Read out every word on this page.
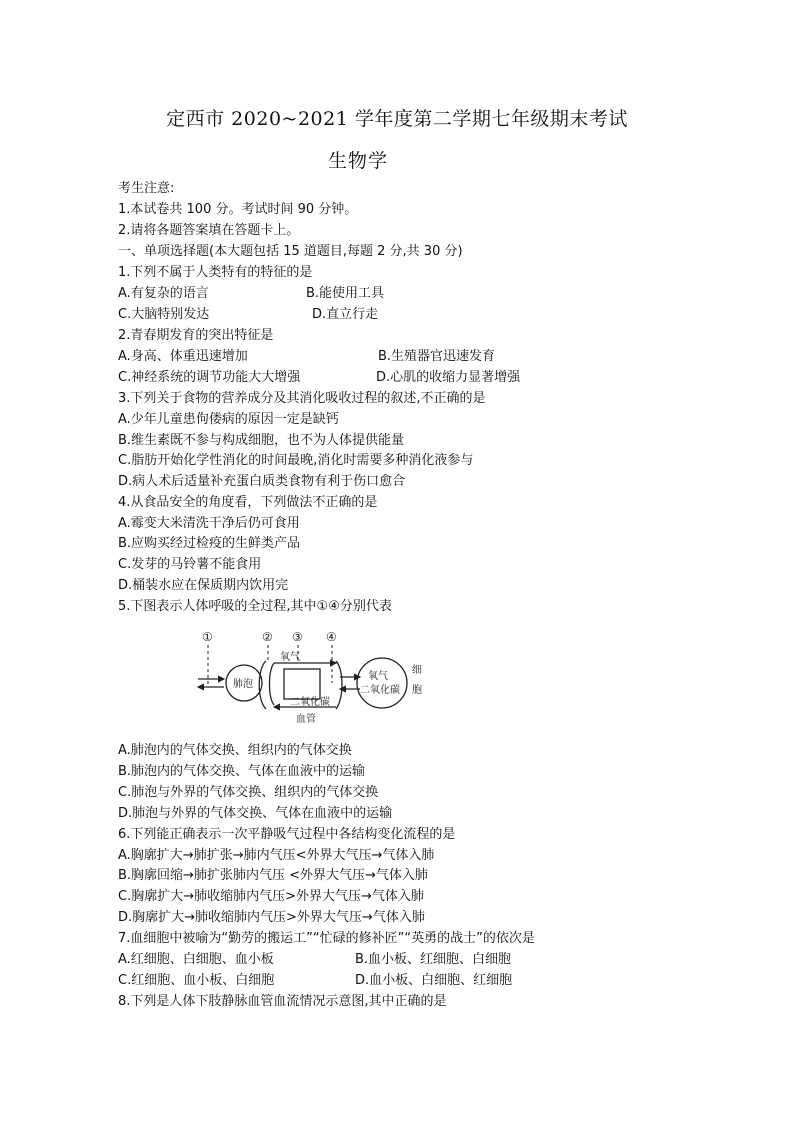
定西市 2020~2021 学年度第二学期七年级期末考试
生物学
考生注意:
1.本试卷共 100 分。考试时间 90 分钟。
2.请将各题答案填在答题卡上。
一、单项选择题(本大题包括 15 道题目,每题 2 分,共 30 分)
1.下列不属于人类特有的特征的是
A.有复杂的语言	B.能使用工具
C.大脑特别发达	D.直立行走
2.青春期发育的突出特征是
A.身高、体重迅速增加	B.生殖器官迅速发育
C.神经系统的调节功能大大增强	D.心肌的收缩力显著增强
3.下列关于食物的营养成分及其消化吸收过程的叙述,不正确的是
A.少年儿童患佝偻病的原因一定是缺钙
B.维生素既不参与构成细胞，也不为人体提供能量
C.脂肪开始化学性消化的时间最晚,消化时需要多种消化液参与
D.病人术后适量补充蛋白质类食物有利于伤口愈合
4.从食品安全的角度看，下列做法不正确的是
A.霉变大米清洗干净后仍可食用
B.应购买经过检疫的生鲜类产品
C.发芽的马铃薯不能食用
D.桶装水应在保质期内饮用完
5.下图表示人体呼吸的全过程,其中①④分别代表
①	② ③ ④
肺泡
氧气
二氧化碳
血管
氧气
二氧化碳
细
胞
A.肺泡内的气体交换、组织内的气体交换
B.肺泡内的气体交换、气体在血液中的运输
C.肺泡与外界的气体交换、组织内的气体交换
D.肺泡与外界的气体交换、气体在血液中的运输
6.下列能正确表示一次平静吸气过程中各结构变化流程的是
A.胸廓扩大→肺扩张→肺内气压<外界大气压→气体入肺
B.胸廓回缩→肺扩张肺内气压 <外界大气压→气体入肺
C.胸廓扩大→肺收缩肺内气压>外界大气压→气体入肺
D.胸廓扩大→肺收缩肺内气压>外界大气压→气体入肺
7.血细胞中被喻为“勤劳的搬运工”“忙碌的修补匠”“英勇的战士”的依次是
A.红细胞、白细胞、血小板	B.血小板、红细胞、白细胞
C.红细胞、血小板、白细胞	D.血小板、白细胞、红细胞
8.下列是人体下肢静脉血管血流情况示意图,其中正确的是
